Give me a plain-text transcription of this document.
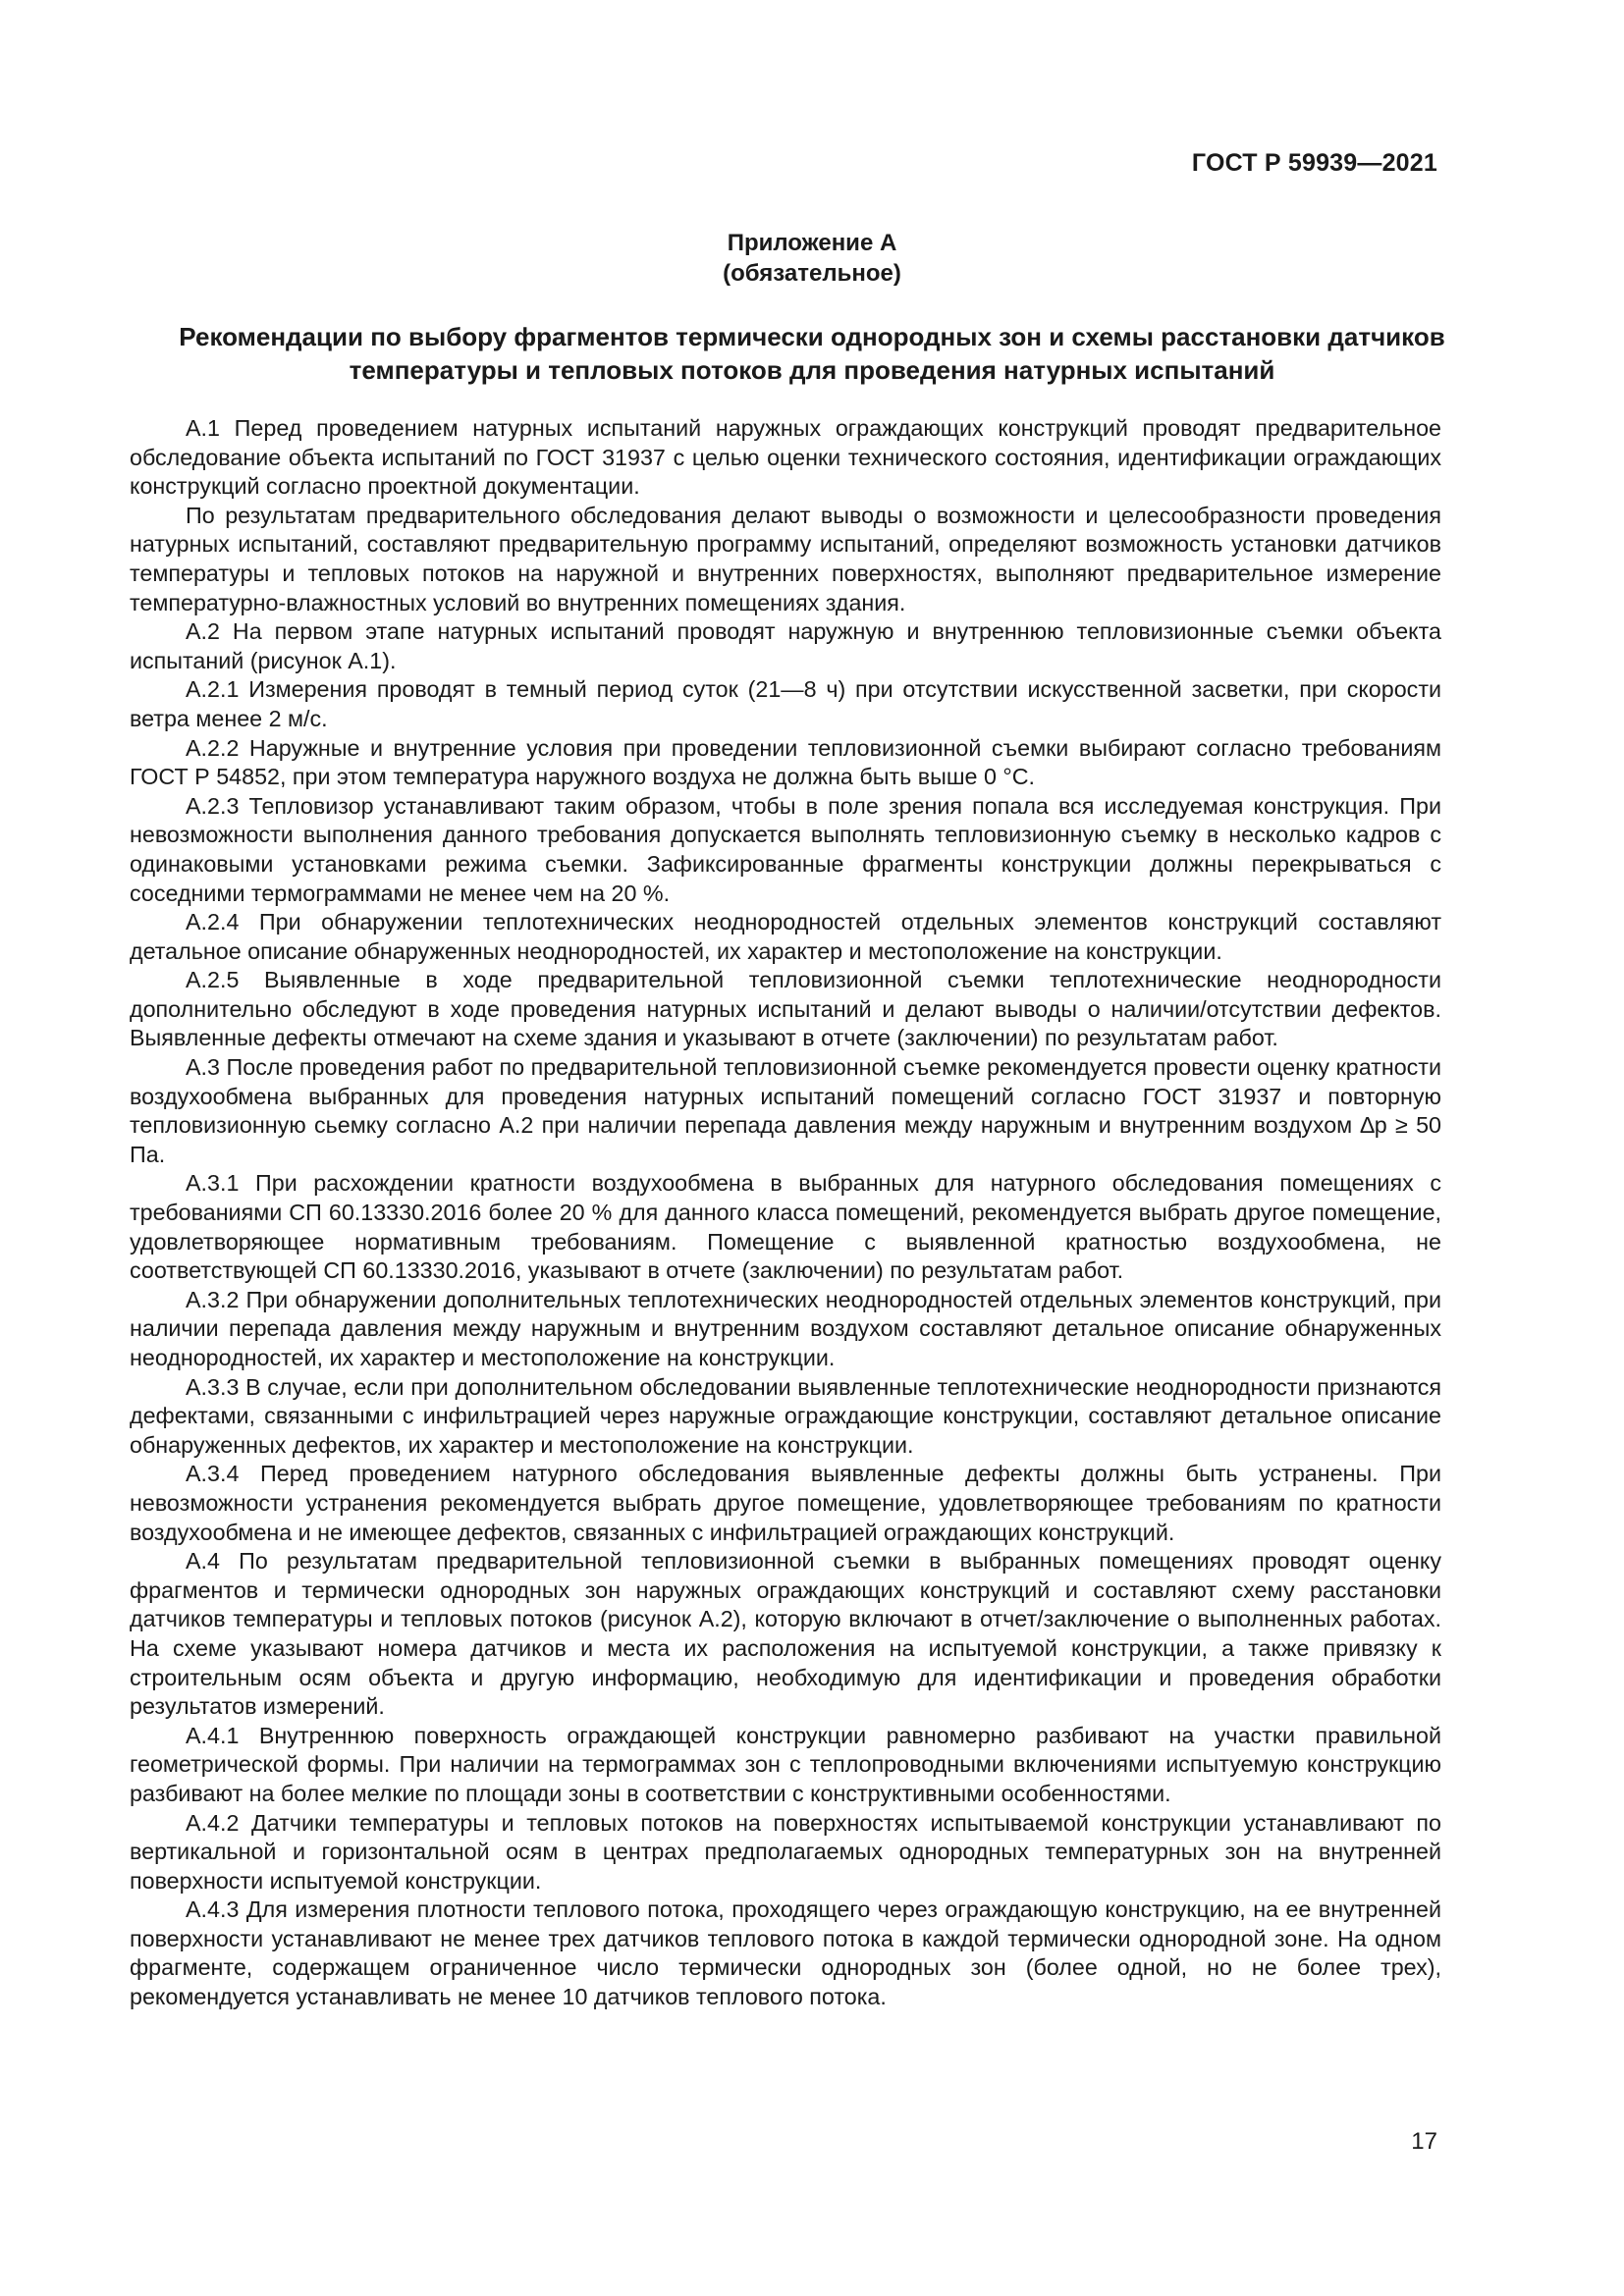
ГОСТ Р 59939—2021
Приложение А
(обязательное)
Рекомендации по выбору фрагментов термически однородных зон и схемы расстановки датчиков температуры и тепловых потоков для проведения натурных испытаний

А.1 Перед проведением натурных испытаний наружных ограждающих конструкций проводят предварительное обследование объекта испытаний по ГОСТ 31937 с целью оценки технического состояния, идентификации ограждающих конструкций согласно проектной документации.

По результатам предварительного обследования делают выводы о возможности и целесообразности проведения натурных испытаний, составляют предварительную программу испытаний, определяют возможность установки датчиков температуры и тепловых потоков на наружной и внутренних поверхностях, выполняют предварительное измерение температурно-влажностных условий во внутренних помещениях здания.

А.2 На первом этапе натурных испытаний проводят наружную и внутреннюю тепловизионные съемки объекта испытаний (рисунок А.1).

А.2.1 Измерения проводят в темный период суток (21—8 ч) при отсутствии искусственной засветки, при скорости ветра менее 2 м/с.

А.2.2 Наружные и внутренние условия при проведении тепловизионной съемки выбирают согласно требованиям ГОСТ Р 54852, при этом температура наружного воздуха не должна быть выше 0 °С.

А.2.3 Тепловизор устанавливают таким образом, чтобы в поле зрения попала вся исследуемая конструкция. При невозможности выполнения данного требования допускается выполнять тепловизионную съемку в несколько кадров с одинаковыми установками режима съемки. Зафиксированные фрагменты конструкции должны перекрываться с соседними термограммами не менее чем на 20 %.

А.2.4 При обнаружении теплотехнических неоднородностей отдельных элементов конструкций составляют детальное описание обнаруженных неоднородностей, их характер и местоположение на конструкции.

А.2.5 Выявленные в ходе предварительной тепловизионной съемки теплотехнические неоднородности дополнительно обследуют в ходе проведения натурных испытаний и делают выводы о наличии/отсутствии дефектов. Выявленные дефекты отмечают на схеме здания и указывают в отчете (заключении) по результатам работ.

А.3 После проведения работ по предварительной тепловизионной съемке рекомендуется провести оценку кратности воздухообмена выбранных для проведения натурных испытаний помещений согласно ГОСТ 31937 и повторную тепловизионную сьемку согласно А.2 при наличии перепада давления между наружным и внутренним воздухом ∆p ≥ 50 Па.

А.3.1 При расхождении кратности воздухообмена в выбранных для натурного обследования помещениях с требованиями СП 60.13330.2016 более 20 % для данного класса помещений, рекомендуется выбрать другое помещение, удовлетворяющее нормативным требованиям. Помещение с выявленной кратностью воздухообмена, не соответствующей СП 60.13330.2016, указывают в отчете (заключении) по результатам работ.

А.3.2 При обнаружении дополнительных теплотехнических неоднородностей отдельных элементов конструкций, при наличии перепада давления между наружным и внутренним воздухом составляют детальное описание обнаруженных неоднородностей, их характер и местоположение на конструкции.

А.3.3 В случае, если при дополнительном обследовании выявленные теплотехнические неоднородности признаются дефектами, связанными с инфильтрацией через наружные ограждающие конструкции, составляют детальное описание обнаруженных дефектов, их характер и местоположение на конструкции.

А.3.4 Перед проведением натурного обследования выявленные дефекты должны быть устранены. При невозможности устранения рекомендуется выбрать другое помещение, удовлетворяющее требованиям по кратности воздухообмена и не имеющее дефектов, связанных с инфильтрацией ограждающих конструкций.

А.4 По результатам предварительной тепловизионной съемки в выбранных помещениях проводят оценку фрагментов и термически однородных зон наружных ограждающих конструкций и составляют схему расстановки датчиков температуры и тепловых потоков (рисунок А.2), которую включают в отчет/заключение о выполненных работах. На схеме указывают номера датчиков и места их расположения на испытуемой конструкции, а также привязку к строительным осям объекта и другую информацию, необходимую для идентификации и проведения обработки результатов измерений.

А.4.1 Внутреннюю поверхность ограждающей конструкции равномерно разбивают на участки правильной геометрической формы. При наличии на термограммах зон с теплопроводными включениями испытуемую конструкцию разбивают на более мелкие по площади зоны в соответствии с конструктивными особенностями.

А.4.2 Датчики температуры и тепловых потоков на поверхностях испытываемой конструкции устанавливают по вертикальной и горизонтальной осям в центрах предполагаемых однородных температурных зон на внутренней поверхности испытуемой конструкции.

А.4.3 Для измерения плотности теплового потока, проходящего через ограждающую конструкцию, на ее внутренней поверхности устанавливают не менее трех датчиков теплового потока в каждой термически однородной зоне. На одном фрагменте, содержащем ограниченное число термически однородных зон (более одной, но не более трех), рекомендуется устанавливать не менее 10 датчиков теплового потока.

17
